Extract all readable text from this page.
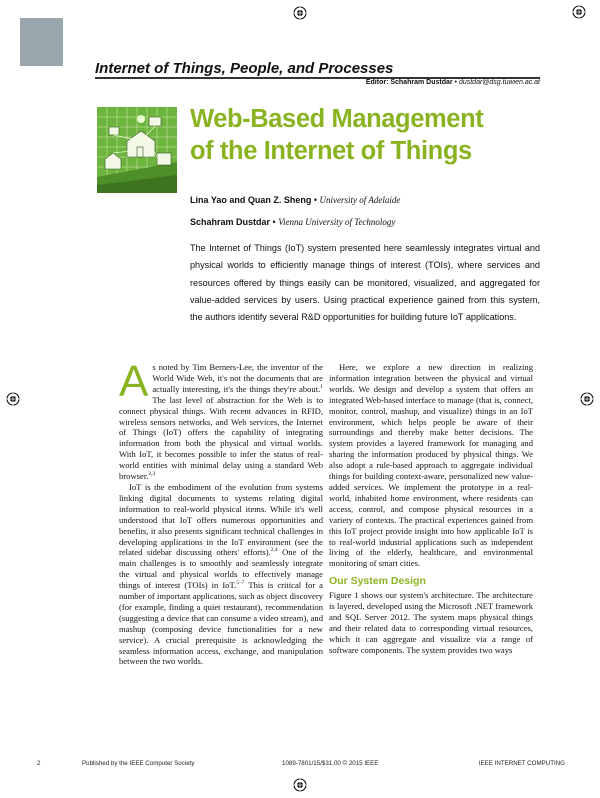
Internet of Things, People, and Processes
Editor: Schahram Dustdar • dustdar@dsg.tuwien.ac.at
Web-Based Management
of the Internet of Things
Lina Yao and Quan Z. Sheng • University of Adelaide
Schahram Dustdar • Vienna University of Technology
The Internet of Things (IoT) system presented here seamlessly integrates virtual and physical worlds to efficiently manage things of interest (TOIs), where services and resources offered by things easily can be monitored, visualized, and aggregated for value-added services by users. Using practical experience gained from this system, the authors identify several R&D opportunities for building future IoT applications.

As noted by Tim Berners-Lee, the inventor of the World Wide Web, it's not the documents that are actually interesting, it's the things they're about.$^1$ The last level of abstraction for the Web is to connect physical things. With recent advances in RFID, wireless sensors networks, and Web services, the Internet of Things (IoT) offers the capability of integrating information from both the physical and virtual worlds. With IoT, it becomes possible to infer the status of real-world entities with minimal delay using a standard Web browser.$^{2,3}$

IoT is the embodiment of the evolution from systems linking digital documents to systems relating digital information to real-world physical items. While it's well understood that IoT offers numerous opportunities and benefits, it also presents significant technical challenges in developing applications in the IoT environment (see the related sidebar discussing others' efforts).$^{2,4}$ One of the main challenges is to smoothly and seamlessly integrate the virtual and physical worlds to effectively manage things of interest (TOIs) in IoT.$^{5-7}$ This is critical for a number of important applications, such as object discovery (for example, finding a quiet restaurant), recommendation (suggesting a device that can consume a video stream), and mashup (composing device functionalities for a new service). A crucial prerequisite is acknowledging the seamless information access, exchange, and manipulation between the two worlds.

Here, we explore a new direction in realizing information integration between the physical and virtual worlds. We design and develop a system that offers an integrated Web-based interface to manage (that is, connect, monitor, control, mashup, and visualize) things in an IoT environment, which helps people be aware of their surroundings and thereby make better decisions. The system provides a layered framework for managing and sharing the information produced by physical things. We also adopt a rule-based approach to aggregate individual things for building context-aware, personalized new value-added services. We implement the prototype in a real-world, inhabited home environment, where residents can access, control, and compose physical resources in a variety of contexts. The practical experiences gained from this IoT project provide insight into how applicable IoT is to real-world industrial applications such as independent living of the elderly, healthcare, and environmental monitoring of smart cities.

Our System Design

Figure 1 shows our system's architecture. The architecture is layered, developed using the Microsoft .NET framework and SQL Server 2012. The system maps physical things and their related data to corresponding virtual resources, which it can aggregate and visualize via a range of software components. The system provides two ways

2	Published by the IEEE Computer Society	1089-7801/15/$31.00 © 2015 IEEE	IEEE INTERNET COMPUTING
